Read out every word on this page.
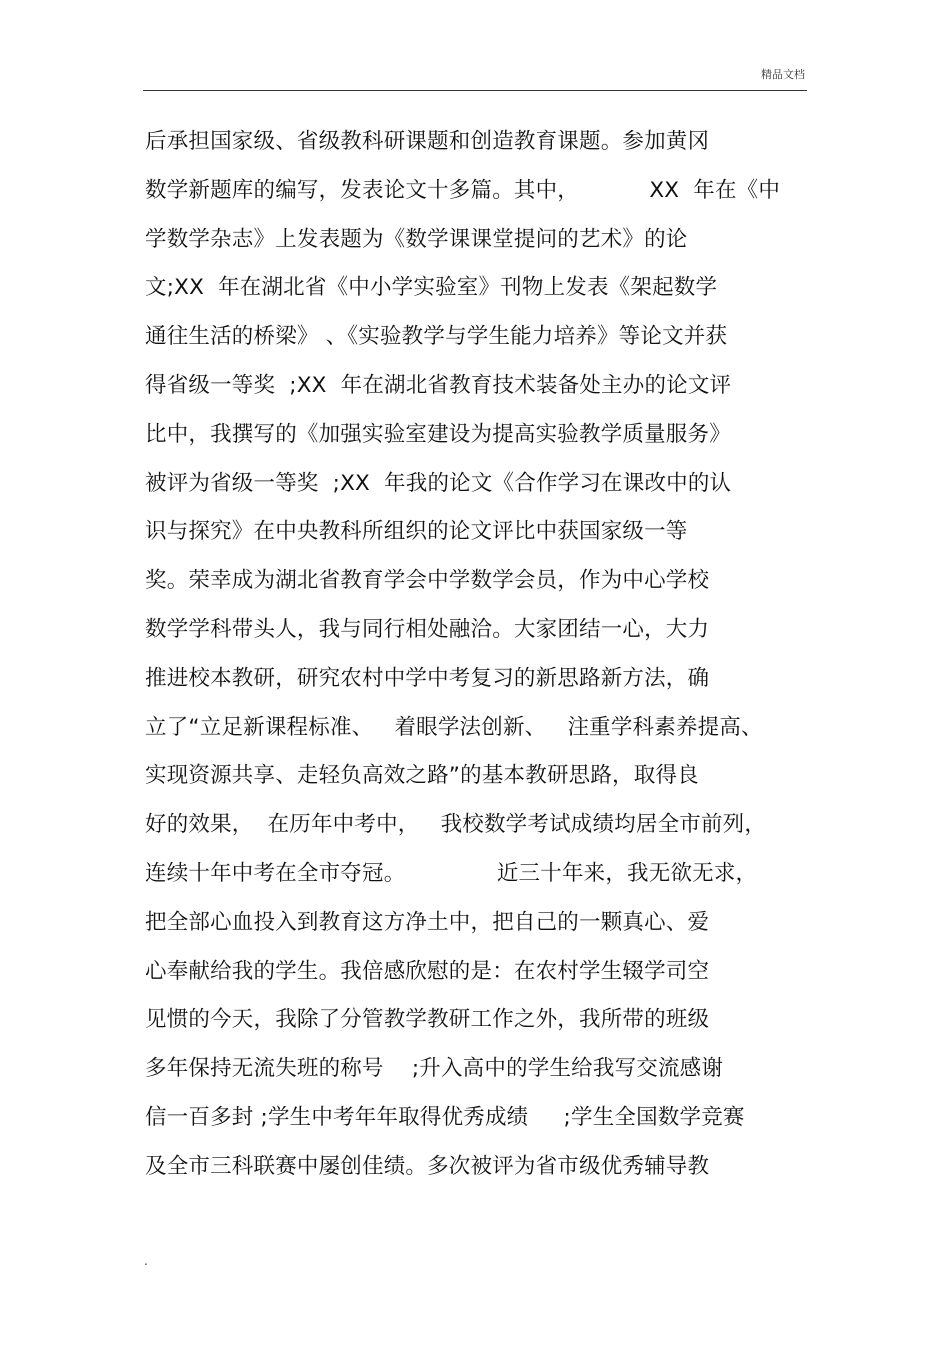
精品文档
后承担国家级、省级教科研课题和创造教育课题。参加黄冈
数学新题库的编写，发表论文十多篇。其中，          XX  年在《中
学数学杂志》上发表题为《数学课课堂提问的艺术》的论
文;XX  年在湖北省《中小学实验室》刊物上发表《架起数学
通往生活的桥梁》 、《实验教学与学生能力培养》等论文并获
得省级一等奖  ;XX  年在湖北省教育技术装备处主办的论文评
比中，我撰写的《加强实验室建设为提高实验教学质量服务》
被评为省级一等奖  ;XX  年我的论文《合作学习在课改中的认
识与探究》在中央教科所组织的论文评比中获国家级一等
奖。荣幸成为湖北省教育学会中学数学会员，作为中心学校
数学学科带头人，我与同行相处融洽。大家团结一心，大力
推进校本教研，研究农村中学中考复习的新思路新方法，确
立了“立足新课程标准、   着眼学法创新、   注重学科素养提高、
实现资源共享、走轻负高效之路”的基本教研思路，取得良
好的效果，  在历年中考中，   我校数学考试成绩均居全市前列，
连续十年中考在全市夺冠。             近三十年来，我无欲无求，
把全部心血投入到教育这方净土中，把自己的一颗真心、爱
心奉献给我的学生。我倍感欣慰的是：在农村学生辍学司空
见惯的今天，我除了分管教学教研工作之外，我所带的班级
多年保持无流失班的称号    ;升入高中的学生给我写交流感谢
信一百多封 ;学生中考年年取得优秀成绩     ;学生全国数学竞赛
及全市三科联赛中屡创佳绩。多次被评为省市级优秀辅导教
.
